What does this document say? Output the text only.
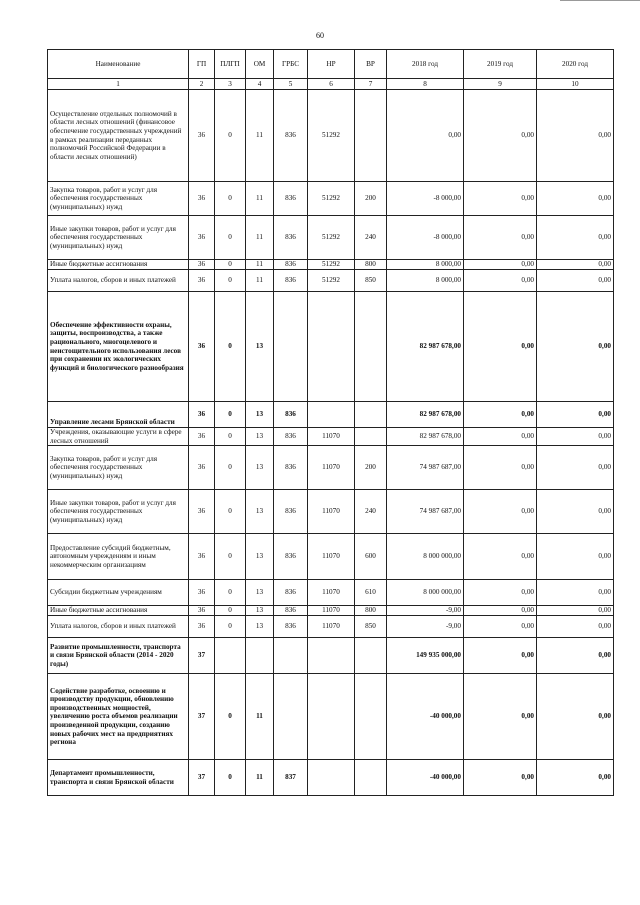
60
Наименование	ГП	ПЛГП	ОМ	ГРБС	НР	ВР	2018 год	2019 год	2020 год
1	2	3	4	5	6	7	8	9	10
Осуществление отдельных полномочий в области лесных отношений (финансовое обеспечение государственных учреждений в рамках реализации переданных полномочий Российской Федерации в области лесных отношений)	36	0	11	836	51292		0,00	0,00	0,00
Закупка товаров, работ и услуг для обеспечения государственных (муниципальных) нужд	36	0	11	836	51292	200	-8 000,00	0,00	0,00
Иные закупки товаров, работ и услуг для обеспечения государственных (муниципальных) нужд	36	0	11	836	51292	240	-8 000,00	0,00	0,00
Иные бюджетные ассигнования	36	0	11	836	51292	800	8 000,00	0,00	0,00
Уплата налогов, сборов и иных платежей	36	0	11	836	51292	850	8 000,00	0,00	0,00
Обеспечение эффективности охраны, защиты, воспроизводства, а также рационального, многоцелевого и неистощительного использования лесов при сохранении их экологических функций и биологического разнообразия	36	0	13				82 987 678,00	0,00	0,00
Управление лесами Брянской области	36	0	13	836			82 987 678,00	0,00	0,00
Учреждения, оказывающие услуги в сфере лесных отношений	36	0	13	836	11070		82 987 678,00	0,00	0,00
Закупка товаров, работ и услуг для обеспечения государственных (муниципальных) нужд	36	0	13	836	11070	200	74 987 687,00	0,00	0,00
Иные закупки товаров, работ и услуг для обеспечения государственных (муниципальных) нужд	36	0	13	836	11070	240	74 987 687,00	0,00	0,00
Предоставление субсидий бюджетным, автономным учреждениям и иным некоммерческим организациям	36	0	13	836	11070	600	8 000 000,00	0,00	0,00
Субсидии бюджетным учреждениям	36	0	13	836	11070	610	8 000 000,00	0,00	0,00
Иные бюджетные ассигнования	36	0	13	836	11070	800	-9,00	0,00	0,00
Уплата налогов, сборов и иных платежей	36	0	13	836	11070	850	-9,00	0,00	0,00
Развитие промышленности, транспорта и связи Брянской области (2014 - 2020 годы)	37						149 935 000,00	0,00	0,00
Содействие разработке, освоению и производству продукции, обновлению производственных мощностей, увеличению роста объемов реализации произведенной продукции, созданию новых рабочих мест на предприятиях региона	37	0	11				-40 000,00	0,00	0,00
Департамент промышленности, транспорта и связи Брянской области	37	0	11	837			-40 000,00	0,00	0,00
